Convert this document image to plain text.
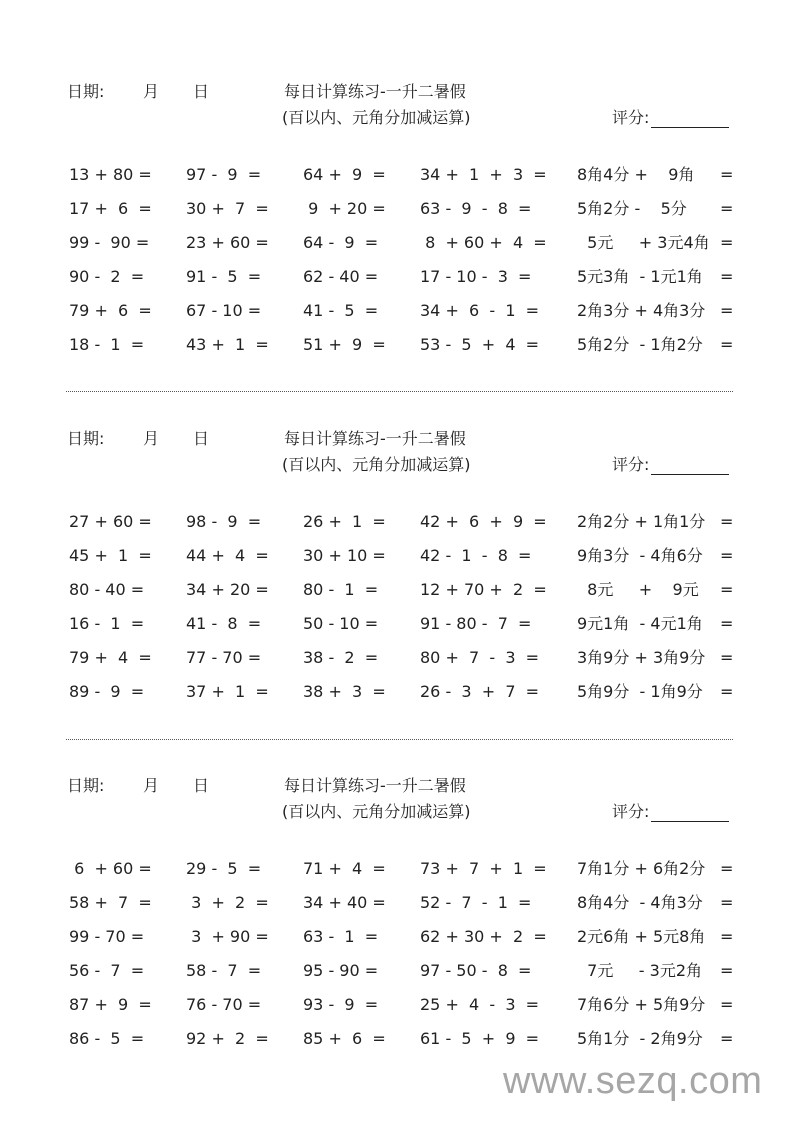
日期: 月 日	每日计算练习-一升二暑假
(百以内、元角分加减运算)	评分:
13 + 80 = 97 -  9  =	64 +  9  = 34 +  1  +  3  = 8角4分 +    9角 =
17 +  6  = 30 +  7  = 9  + 20 = 63 -  9  -  8  =	5角2分 -    5分 =
99 -  90 = 23 + 60 = 64 -  9  =	8  + 60 +  4  = 5元     + 3元4角 =
90 -  2  =	91 -  5  =	62 - 40 =	17 - 10 -  3  =	5元3角  - 1元1角 =
79 +  6  = 67 - 10 =	41 -  5  =	34 +  6  -  1  = 2角3分 + 4角3分 =
18 -  1  =	43 +  1  = 51 +  9  = 53 -  5  +  4  = 5角2分  - 1角2分 =
日期: 月 日	每日计算练习-一升二暑假
(百以内、元角分加减运算)	评分:
27 + 60 = 98 -  9  =	26 +  1  = 42 +  6  +  9  = 2角2分 + 1角1分 =
45 +  1  = 44 +  4  = 30 + 10 = 42 -  1  -  8  =	9角3分  - 4角6分 =
80 - 40 =	34 + 20 = 80 -  1  =	12 + 70 +  2  = 8元     +    9元 =
16 -  1  =	41 -  8  =	50 - 10 =	91 - 80 -  7  =	9元1角  - 4元1角 =
79 +  4  = 77 - 70 =	38 -  2  =	80 +  7  -  3  = 3角9分 + 3角9分 =
89 -  9  =	37 +  1  = 38 +  3  = 26 -  3  +  7  = 5角9分  - 1角9分 =
日期: 月 日	每日计算练习-一升二暑假
(百以内、元角分加减运算)	评分:
6  + 60 = 29 -  5  =	71 +  4  = 73 +  7  +  1  = 7角1分 + 6角2分 =
58 +  7  = 3  +  2  = 34 + 40 = 52 -  7  -  1  =	8角4分  - 4角3分 =
99 - 70 =	3  + 90 = 63 -  1  =	62 + 30 +  2  = 2元6角 + 5元8角 =
56 -  7  =	58 -  7  =	95 - 90 =	97 - 50 -  8  =	7元     - 3元2角 =
87 +  9  = 76 - 70 =	93 -  9  =	25 +  4  -  3  = 7角6分 + 5角9分 =
86 -  5  =	92 +  2  = 85 +  6  = 61 -  5  +  9  = 5角1分  - 2角9分 =
www.sezq.com
